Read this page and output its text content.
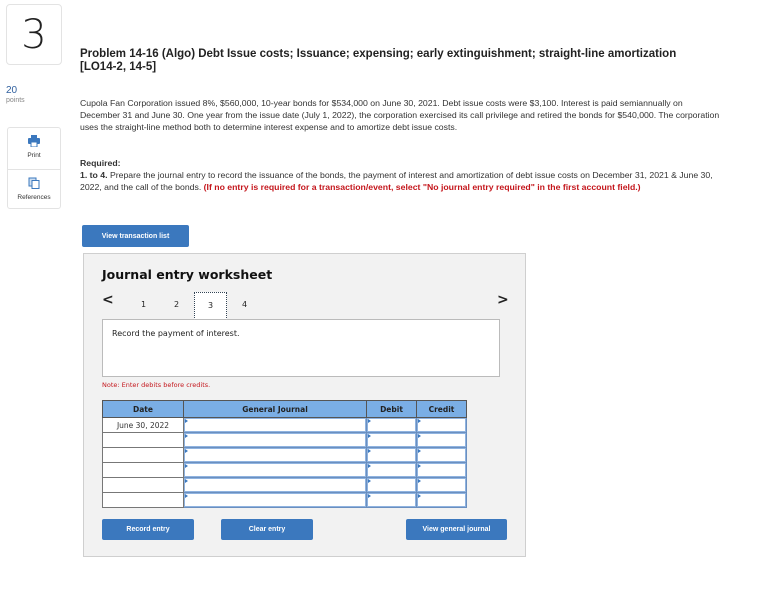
3
20
points
Print
References
Problem 14-16 (Algo) Debt Issue costs; Issuance; expensing; early extinguishment; straight-line amortization [LO14-2, 14-5]
Cupola Fan Corporation issued 8%, $560,000, 10-year bonds for $534,000 on June 30, 2021. Debt issue costs were $3,100. Interest is paid semiannually on December 31 and June 30. One year from the issue date (July 1, 2022), the corporation exercised its call privilege and retired the bonds for $540,000. The corporation uses the straight-line method both to determine interest expense and to amortize debt issue costs.
Required:
1. to 4. Prepare the journal entry to record the issuance of the bonds, the payment of interest and amortization of debt issue costs on December 31, 2021 & June 30, 2022, and the call of the bonds. (If no entry is required for a transaction/event, select "No journal entry required" in the first account field.)
View transaction list
Journal entry worksheet
<	1	2	3	4	>
Record the payment of interest.
Note: Enter debits before credits.
Date	General Journal	Debit	Credit
June 30, 2022			

Record entry	Clear entry	View general journal
